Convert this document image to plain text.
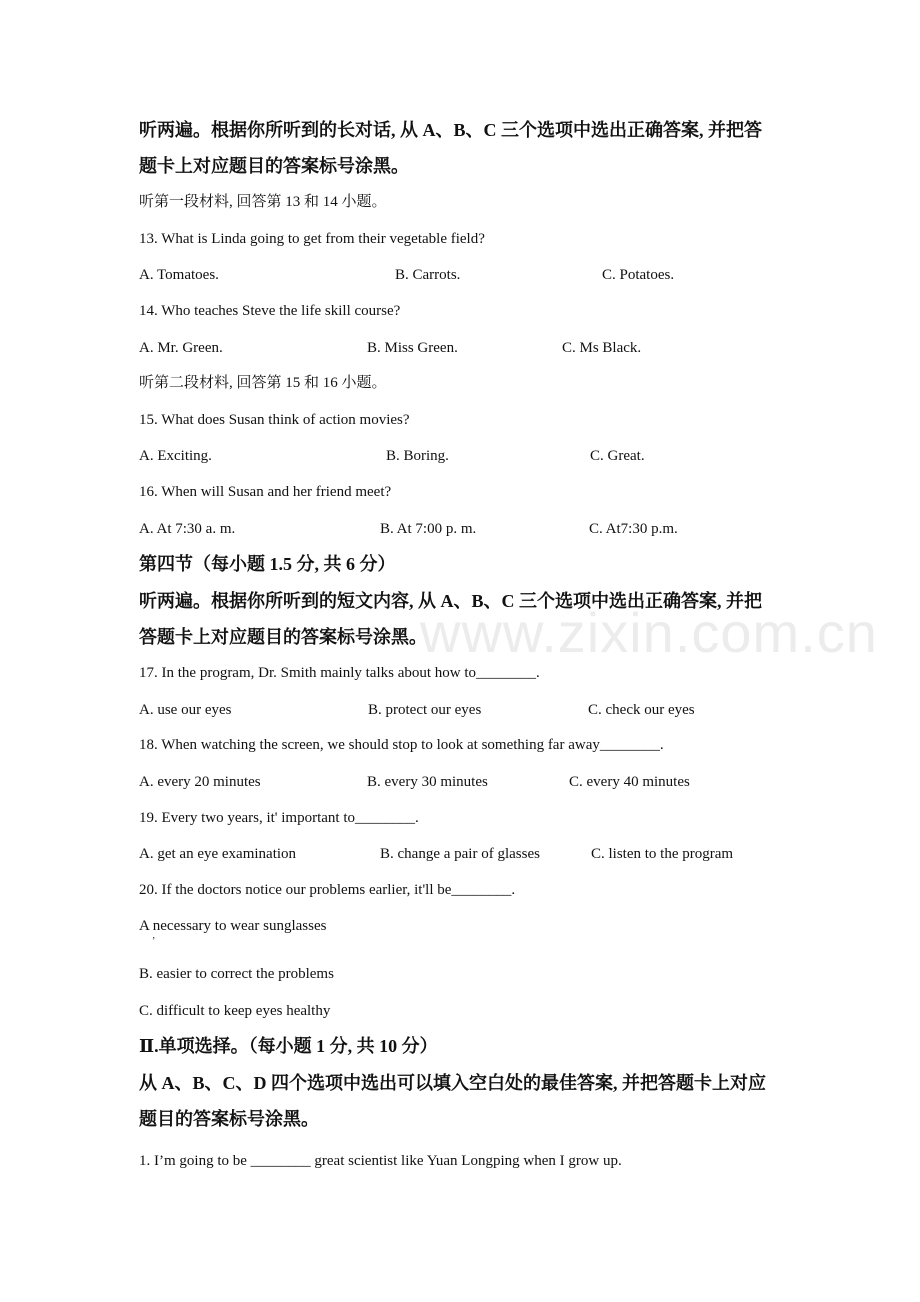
www.zixin.com.cn
听两遍。根据你所听到的长对话, 从 A、B、C 三个选项中选出正确答案, 并把答
题卡上对应题目的答案标号涂黑。
听第一段材料, 回答第 13 和 14 小题。
13. What is Linda going to get from their vegetable field?
A. Tomatoes.	B. Carrots.	C. Potatoes.
14. Who teaches Steve the life skill course?
A. Mr. Green.	B. Miss Green.	C. Ms Black.
听第二段材料, 回答第 15 和 16 小题。
15. What does Susan think of action movies?
A. Exciting.	B. Boring.	C. Great.
16. When will Susan and her friend meet?
A. At 7:30 a. m.	B. At 7:00 p. m.	C. At7:30 p.m.
第四节（每小题 1.5 分, 共 6 分）
听两遍。根据你所听到的短文内容, 从 A、B、C 三个选项中选出正确答案, 并把
答题卡上对应题目的答案标号涂黑。
17. In the program, Dr. Smith mainly talks about how to________.
A. use our eyes	B. protect our eyes	C. check our eyes
18. When watching the screen, we should stop to look at something far away________.
A. every 20 minutes	B. every 30 minutes	C. every 40 minutes
19. Every two years, it' important to________.
A. get an eye examination	B. change a pair of glasses	C. listen to the program
20. If the doctors notice our problems earlier, it'll be________.
A necessary to wear sunglasses
’
B. easier to correct the problems
C. difficult to keep eyes healthy
Ⅱ.单项选择。（每小题 1 分, 共 10 分）
从 A、B、C、D 四个选项中选出可以填入空白处的最佳答案, 并把答题卡上对应
题目的答案标号涂黑。
1. I’m going to be ________ great scientist like Yuan Longping when I grow up.
